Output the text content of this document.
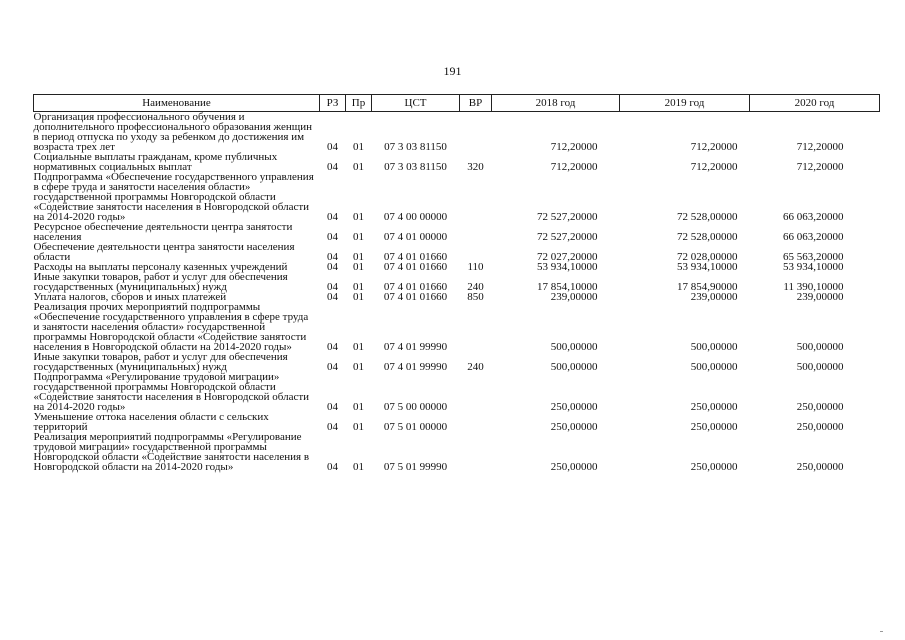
191
Наименование	РЗ	Пр	ЦСТ	ВР	2018 год	2019 год	2020 год
Организация профессионального обучения и дополнительного профессионального образования женщин в период отпуска по уходу за ребенком до достижения им возраста трех лет	04	01	07 3 03 81150		712,20000	712,20000	712,20000
Социальные выплаты гражданам, кроме публичных нормативных социальных выплат	04	01	07 3 03 81150	320	712,20000	712,20000	712,20000
Подпрограмма «Обеспечение государственного управления в сфере труда и занятости населения области» государственной программы Новгородской области «Содействие занятости населения в Новгородской области на 2014-2020 годы»	04	01	07 4 00 00000		72 527,20000	72 528,00000	66 063,20000
Ресурсное обеспечение деятельности центра занятости населения	04	01	07 4 01 00000		72 527,20000	72 528,00000	66 063,20000
Обеспечение деятельности центра занятости населения области	04	01	07 4 01 01660		72 027,20000	72 028,00000	65 563,20000
Расходы на выплаты персоналу казенных учреждений	04	01	07 4 01 01660	110	53 934,10000	53 934,10000	53 934,10000
Иные закупки товаров, работ и услуг для обеспечения государственных (муниципальных) нужд	04	01	07 4 01 01660	240	17 854,10000	17 854,90000	11 390,10000
Уплата налогов, сборов и иных платежей	04	01	07 4 01 01660	850	239,00000	239,00000	239,00000
Реализация прочих мероприятий подпрограммы «Обеспечение государственного управления в сфере труда и занятости населения области» государственной программы Новгородской области «Содействие занятости населения в Новгородской области на 2014-2020 годы»	04	01	07 4 01 99990		500,00000	500,00000	500,00000
Иные закупки товаров, работ и услуг для обеспечения государственных (муниципальных) нужд	04	01	07 4 01 99990	240	500,00000	500,00000	500,00000
Подпрограмма «Регулирование трудовой миграции» государственной программы Новгородской области «Содействие занятости населения в Новгородской области на 2014-2020 годы»	04	01	07 5 00 00000		250,00000	250,00000	250,00000
Уменьшение оттока населения области с сельских территорий	04	01	07 5 01 00000		250,00000	250,00000	250,00000
Реализация мероприятий подпрограммы «Регулирование трудовой миграции» государственной программы Новгородской области «Содействие занятости населения в Новгородской области на 2014-2020 годы»	04	01	07 5 01 99990		250,00000	250,00000	250,00000
